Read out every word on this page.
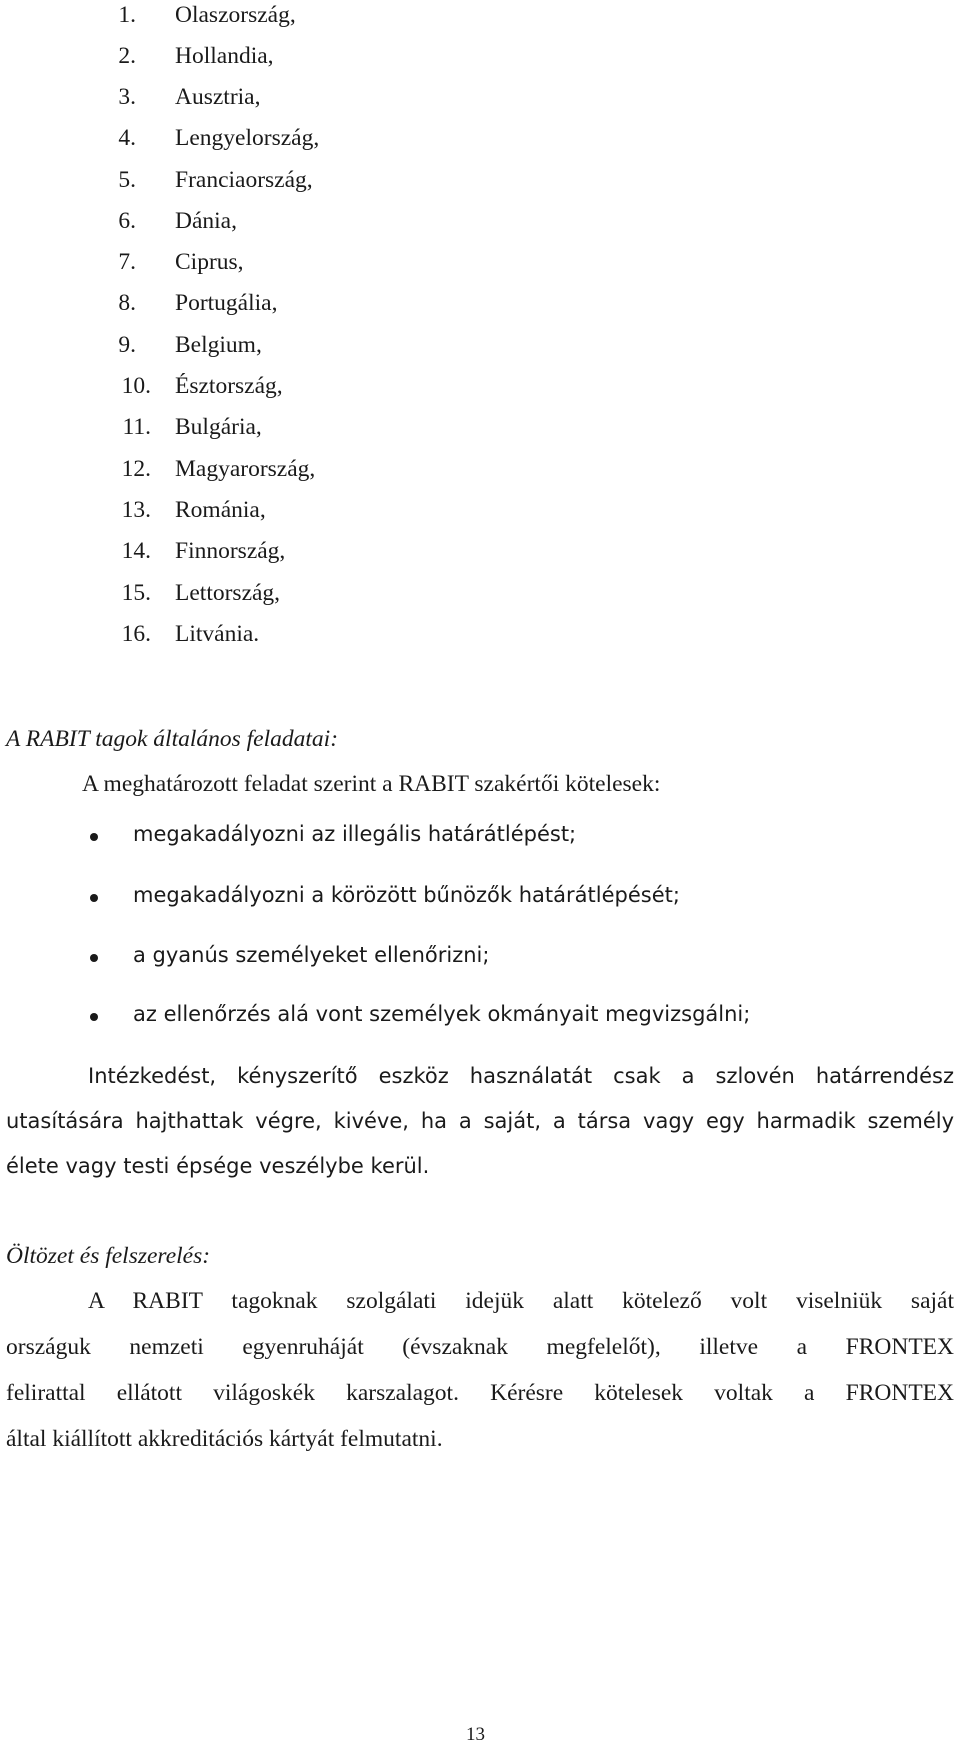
1. Olaszország,
2. Hollandia,
3. Ausztria,
4. Lengyelország,
5. Franciaország,
6. Dánia,
7. Ciprus,
8. Portugália,
9. Belgium,
10. Észtország,
11. Bulgária,
12. Magyarország,
13. Románia,
14. Finnország,
15. Lettország,
16. Litvánia.
A RABIT tagok általános feladatai:
A meghatározott feladat szerint a RABIT szakértői kötelesek:
megakadályozni az illegális határátlépést;
megakadályozni a körözött bűnözők határátlépését;
a gyanús személyeket ellenőrizni;
az ellenőrzés alá vont személyek okmányait megvizsgálni;
Intézkedést, kényszerítő eszköz használatát csak a szlovén határrendész
utasítására hajthattak végre, kivéve, ha a saját, a társa vagy egy harmadik személy
élete vagy testi épsége veszélybe kerül.
Öltözet és felszerelés:
A RABIT tagoknak szolgálati idejük alatt kötelező volt viselniük saját
országuk nemzeti egyenruháját (évszaknak megfelelőt), illetve a FRONTEX
felirattal ellátott világoskék karszalagot. Kérésre kötelesek voltak a FRONTEX
által kiállított akkreditációs kártyát felmutatni.
13
